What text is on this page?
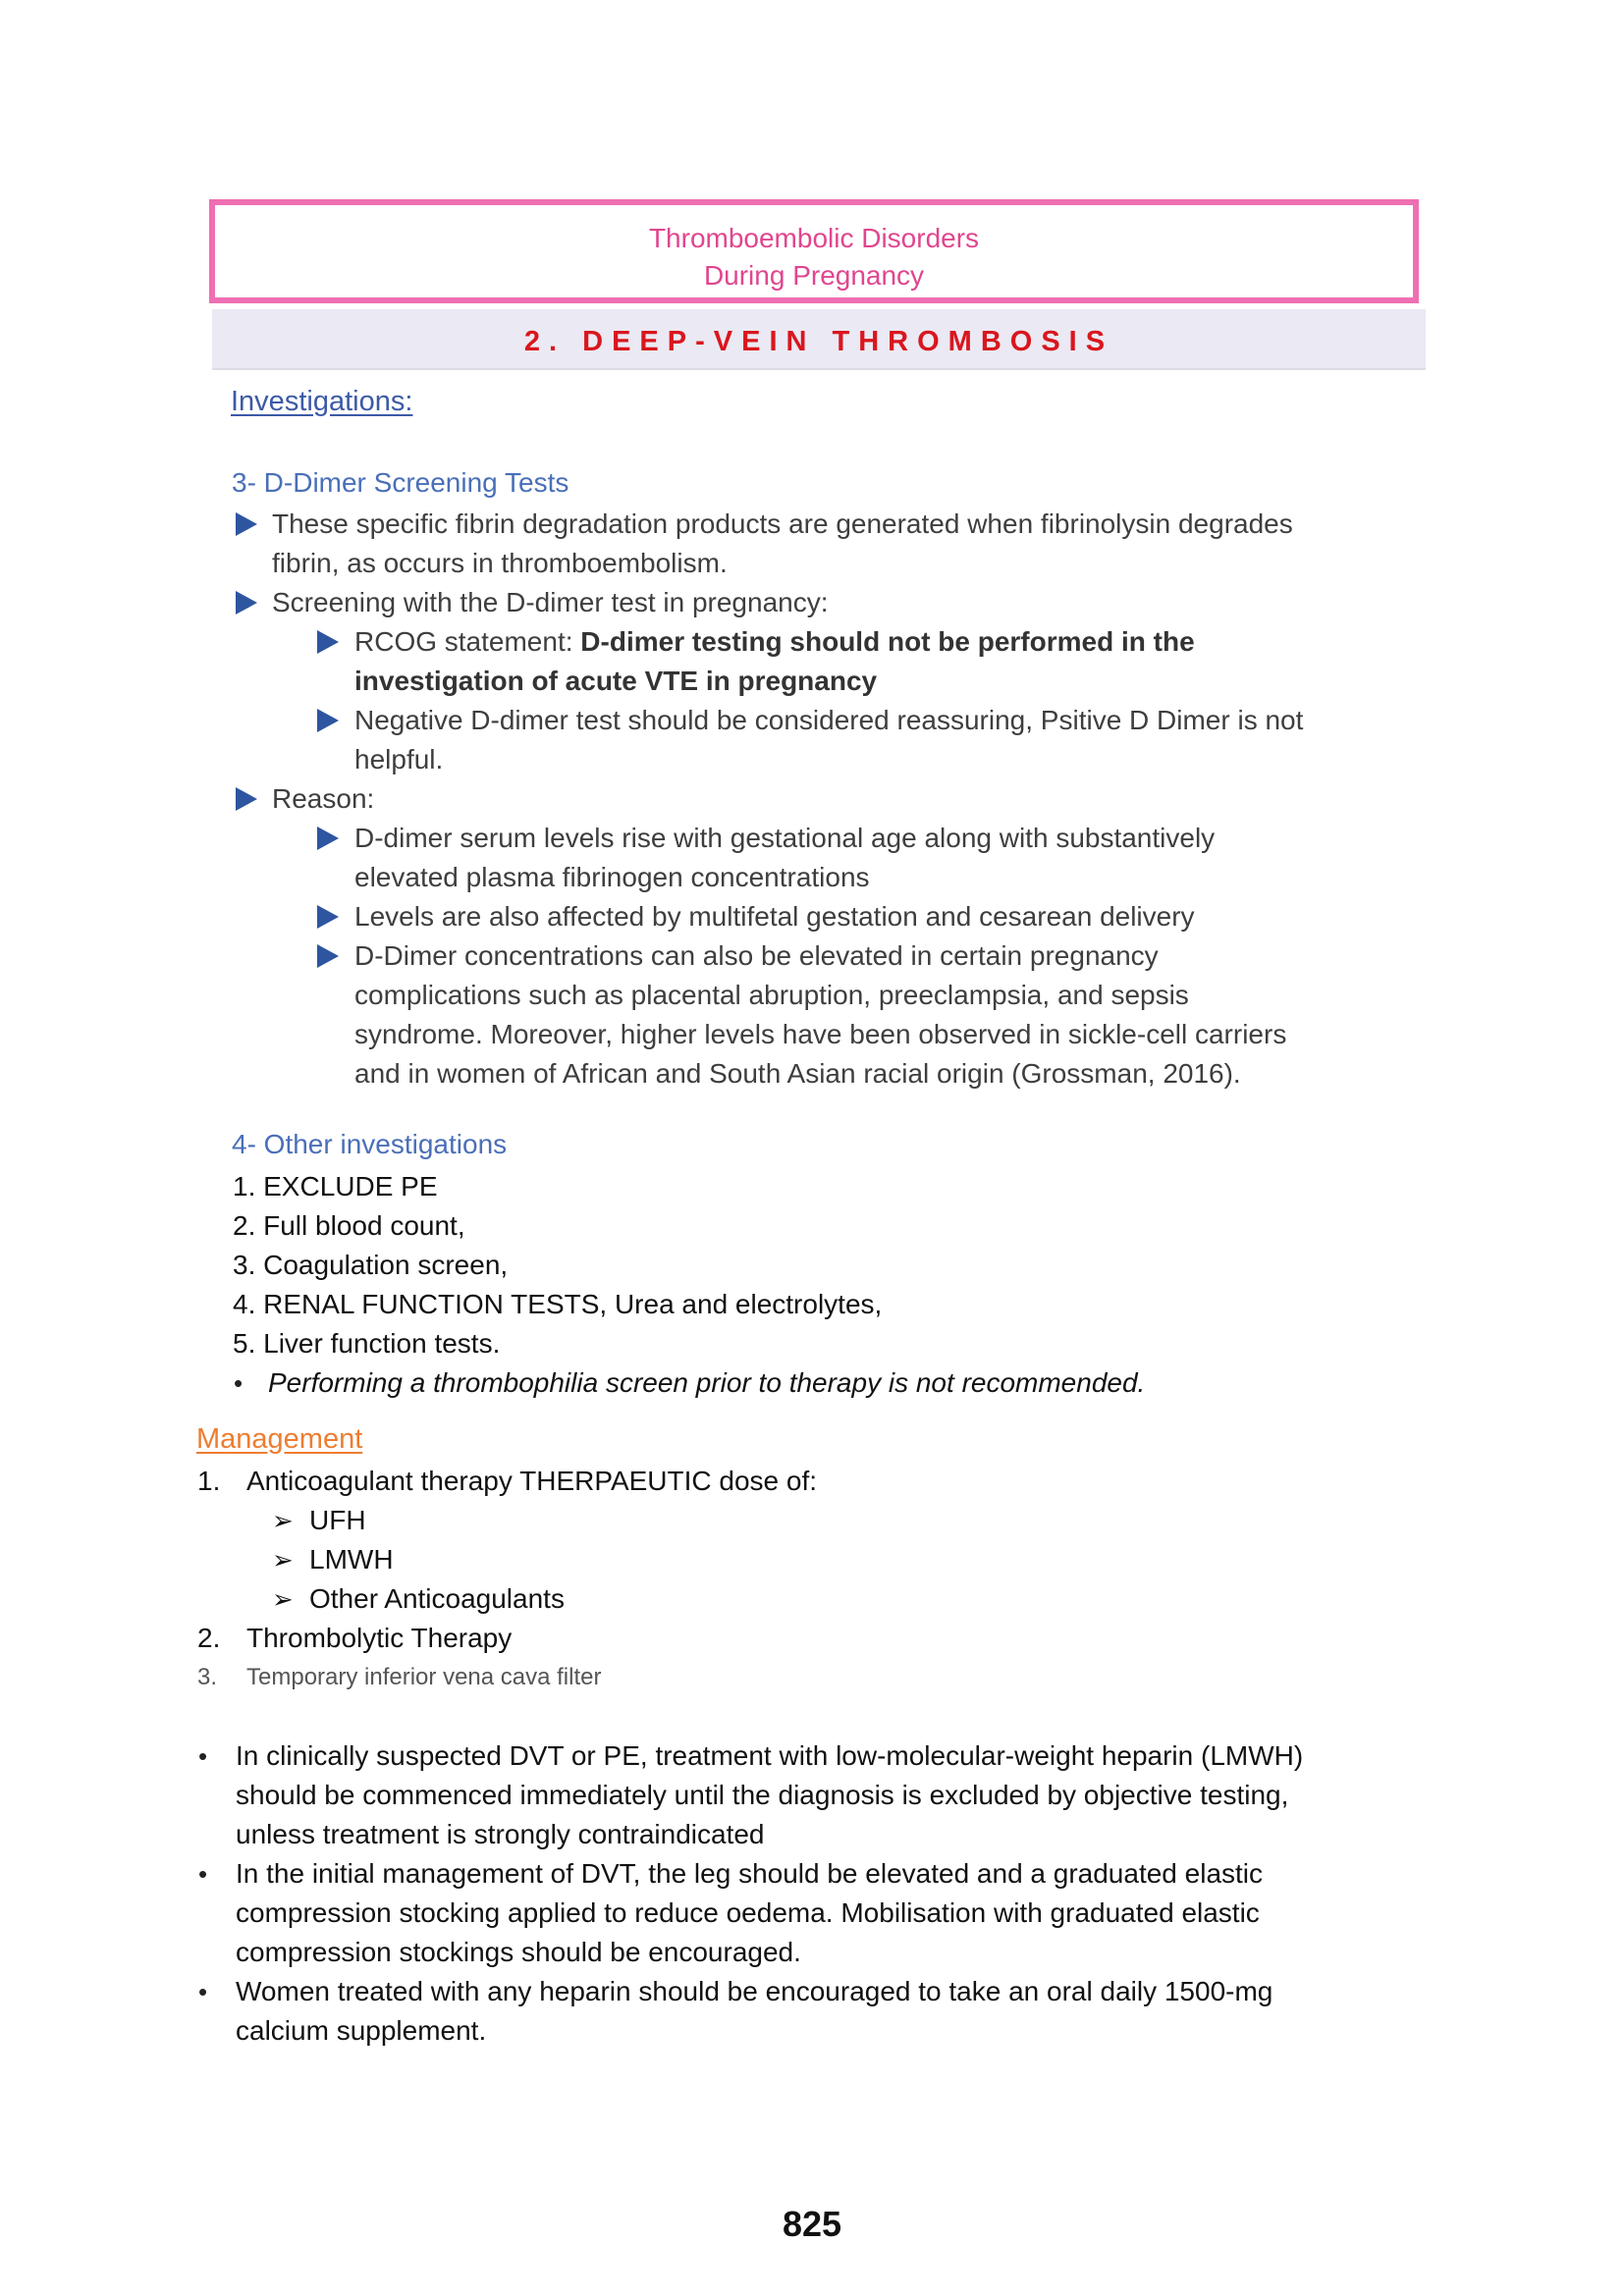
Thromboembolic Disorders
During Pregnancy
2. DEEP-VEIN THROMBOSIS
Investigations:
3- D-Dimer Screening Tests
These specific fibrin degradation products are generated when fibrinolysin degrades
fibrin, as occurs in thromboembolism.
Screening with the D-dimer test in pregnancy:
RCOG statement: D-dimer testing should not be performed in the
investigation of acute VTE in pregnancy
Negative D-dimer test should be considered reassuring, Psitive D Dimer is not
helpful.
Reason:
D-dimer serum levels rise with gestational age along with substantively
elevated plasma fibrinogen concentrations
Levels are also affected by multifetal gestation and cesarean delivery
D-Dimer concentrations can also be elevated in certain pregnancy
complications such as placental abruption, preeclampsia, and sepsis
syndrome. Moreover, higher levels have been observed in sickle-cell carriers
and in women of African and South Asian racial origin (Grossman, 2016).
4- Other investigations
1. EXCLUDE PE
2. Full blood count,
3. Coagulation screen,
4. RENAL FUNCTION TESTS, Urea and electrolytes,
5. Liver function tests.
• Performing a thrombophilia screen prior to therapy is not recommended.
Management
1. Anticoagulant therapy THERPAEUTIC dose of:
➢ UFH
➢ LMWH
➢ Other Anticoagulants
2. Thrombolytic Therapy
3. Temporary inferior vena cava filter
• In clinically suspected DVT or PE, treatment with low-molecular-weight heparin (LMWH)
should be commenced immediately until the diagnosis is excluded by objective testing,
unless treatment is strongly contraindicated
• In the initial management of DVT, the leg should be elevated and a graduated elastic
compression stocking applied to reduce oedema. Mobilisation with graduated elastic
compression stockings should be encouraged.
• Women treated with any heparin should be encouraged to take an oral daily 1500-mg
calcium supplement.
825
